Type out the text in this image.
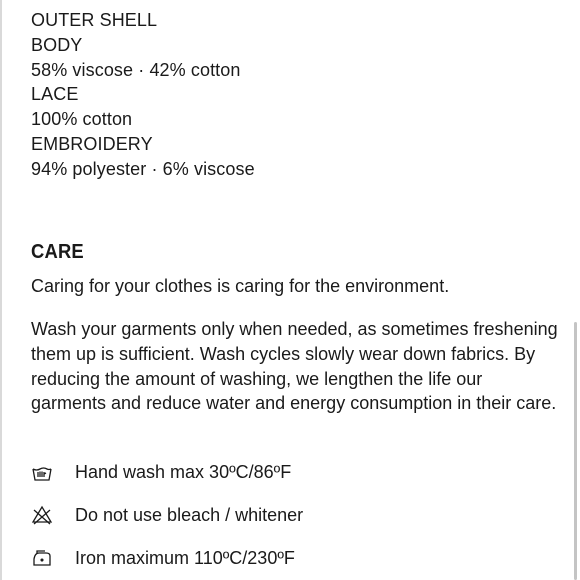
OUTER SHELL
BODY
58% viscose · 42% cotton
LACE
100% cotton
EMBROIDERY
94% polyester · 6% viscose
CARE
Caring for your clothes is caring for the environment.
Wash your garments only when needed, as sometimes freshening them up is sufficient. Wash cycles slowly wear down fabrics. By reducing the amount of washing, we lengthen the life our garments and reduce water and energy consumption in their care.
Hand wash max 30ºC/86ºF
Do not use bleach / whitener
Iron maximum 110ºC/230ºF
